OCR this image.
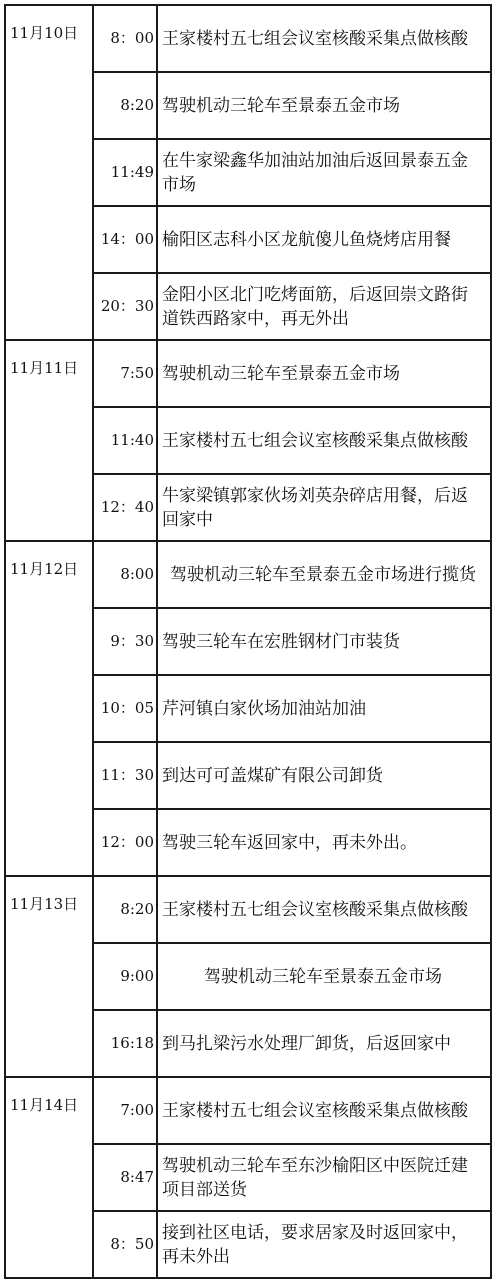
11月10日	8：00	王家楼村五七组会议室核酸采集点做核酸
	8:20	驾驶机动三轮车至景泰五金市场
	11:49	在牛家梁鑫华加油站加油后返回景泰五金市场
	14：00	榆阳区志科小区龙航傻儿鱼烧烤店用餐
	20：30	金阳小区北门吃烤面筋，后返回崇文路街道铁西路家中，再无外出
11月11日	7:50	驾驶机动三轮车至景泰五金市场
	11:40	王家楼村五七组会议室核酸采集点做核酸
	12：40	牛家梁镇郭家伙场刘英杂碎店用餐，后返回家中
11月12日	8:00	驾驶机动三轮车至景泰五金市场进行揽货
	9：30	驾驶三轮车在宏胜钢材门市装货
	10：05	芹河镇白家伙场加油站加油
	11：30	到达可可盖煤矿有限公司卸货
	12：00	驾驶三轮车返回家中，再未外出。
11月13日	8:20	王家楼村五七组会议室核酸采集点做核酸
	9:00	驾驶机动三轮车至景泰五金市场
	16:18	到马扎梁污水处理厂卸货，后返回家中
11月14日	7:00	王家楼村五七组会议室核酸采集点做核酸
	8:47	驾驶机动三轮车至东沙榆阳区中医院迁建项目部送货
	8：50	接到社区电话，要求居家及时返回家中，再未外出
